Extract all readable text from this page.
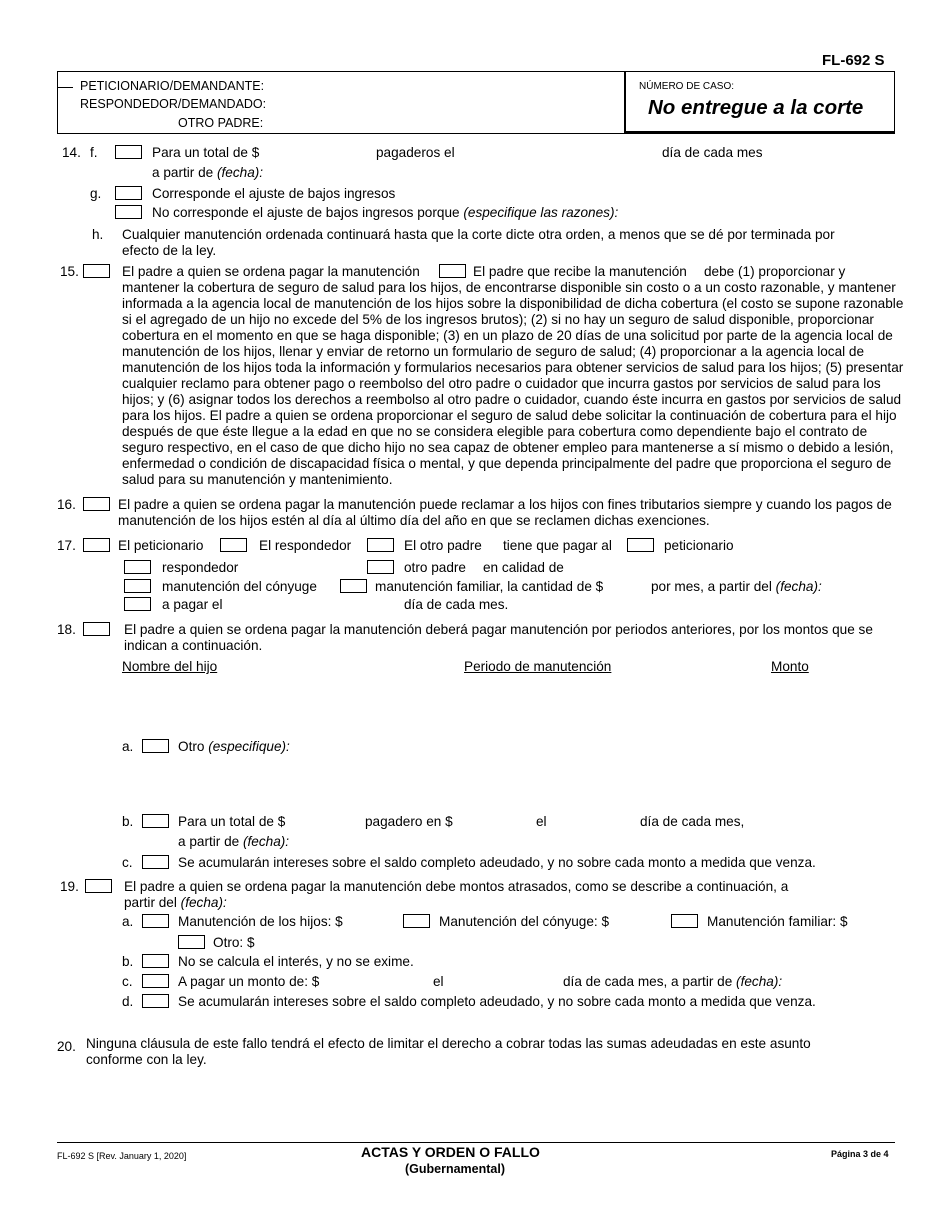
FL-692 S
PETICIONARIO/DEMANDANTE:
RESPONDEDOR/DEMANDADO:
OTRO PADRE:
NÚMERO DE CASO:
No entregue a la corte
14. f.	Para un total de $	pagaderos el	día de cada mes
a partir de (fecha):
g.	Corresponde el ajuste de bajos ingresos
No corresponde el ajuste de bajos ingresos porque (especifique las razones):
h. Cualquier manutención ordenada continuará hasta que la corte dicte otra orden, a menos que se dé por terminada por efecto de la ley.
15.	El padre a quien se ordena pagar la manutención	El padre que recibe la manutención debe (1) proporcionar y
mantener la cobertura de seguro de salud para los hijos, de encontrarse disponible sin costo o a un costo razonable, y mantener informada a la agencia local de manutención de los hijos sobre la disponibilidad de dicha cobertura (el costo se supone razonable si el agregado de un hijo no excede del 5% de los ingresos brutos); (2) si no hay un seguro de salud disponible, proporcionar cobertura en el momento en que se haga disponible; (3) en un plazo de 20 días de una solicitud por parte de la agencia local de manutención de los hijos, llenar y enviar de retorno un formulario de seguro de salud; (4) proporcionar a la agencia local de manutención de los hijos toda la información y formularios necesarios para obtener servicios de salud para los hijos; (5) presentar cualquier reclamo para obtener pago o reembolso del otro padre o cuidador que incurra gastos por servicios de salud para los hijos; y (6) asignar todos los derechos a reembolso al otro padre o cuidador, cuando éste incurra en gastos por servicios de salud para los hijos. El padre a quien se ordena proporcionar el seguro de salud debe solicitar la continuación de cobertura para el hijo después de que éste llegue a la edad en que no se considera elegible para cobertura como dependiente bajo el contrato de seguro respectivo, en el caso de que dicho hijo no sea capaz de obtener empleo para mantenerse a sí mismo o debido a lesión, enfermedad o condición de discapacidad física o mental, y que dependa principalmente del padre que proporciona el seguro de salud para su manutención y mantenimiento.
16.	El padre a quien se ordena pagar la manutención puede reclamar a los hijos con fines tributarios siempre y cuando los pagos de manutención de los hijos estén al día al último día del año en que se reclamen dichas exenciones.
17.	El peticionario	El respondedor	El otro padre tiene que pagar al	peticionario
respondedor	otro padre en calidad de
manutención del cónyuge	manutención familiar, la cantidad de $	por mes, a partir del (fecha):
a pagar el	día de cada mes.
18.	El padre a quien se ordena pagar la manutención deberá pagar manutención por periodos anteriores, por los montos que se indican a continuación.
Nombre del hijo	Periodo de manutención	Monto
a.	Otro (especifique):
b.	Para un total de $	pagadero en $	el	día de cada mes,
a partir de (fecha):
c.	Se acumularán intereses sobre el saldo completo adeudado, y no sobre cada monto a medida que venza.
19.	El padre a quien se ordena pagar la manutención debe montos atrasados, como se describe a continuación, a
partir del (fecha):
a.	Manutención de los hijos: $	Manutención del cónyuge: $	Manutención familiar: $
Otro: $
b.	No se calcula el interés, y no se exime.
c.	A pagar un monto de: $	el	día de cada mes, a partir de (fecha):
d.	Se acumularán intereses sobre el saldo completo adeudado, y no sobre cada monto a medida que venza.
20. Ninguna cláusula de este fallo tendrá el efecto de limitar el derecho a cobrar todas las sumas adeudadas en este asunto conforme con la ley.
FL-692 S [Rev. January 1, 2020]	ACTAS Y ORDEN O FALLO
(Gubernamental)
Página 3 de 4
